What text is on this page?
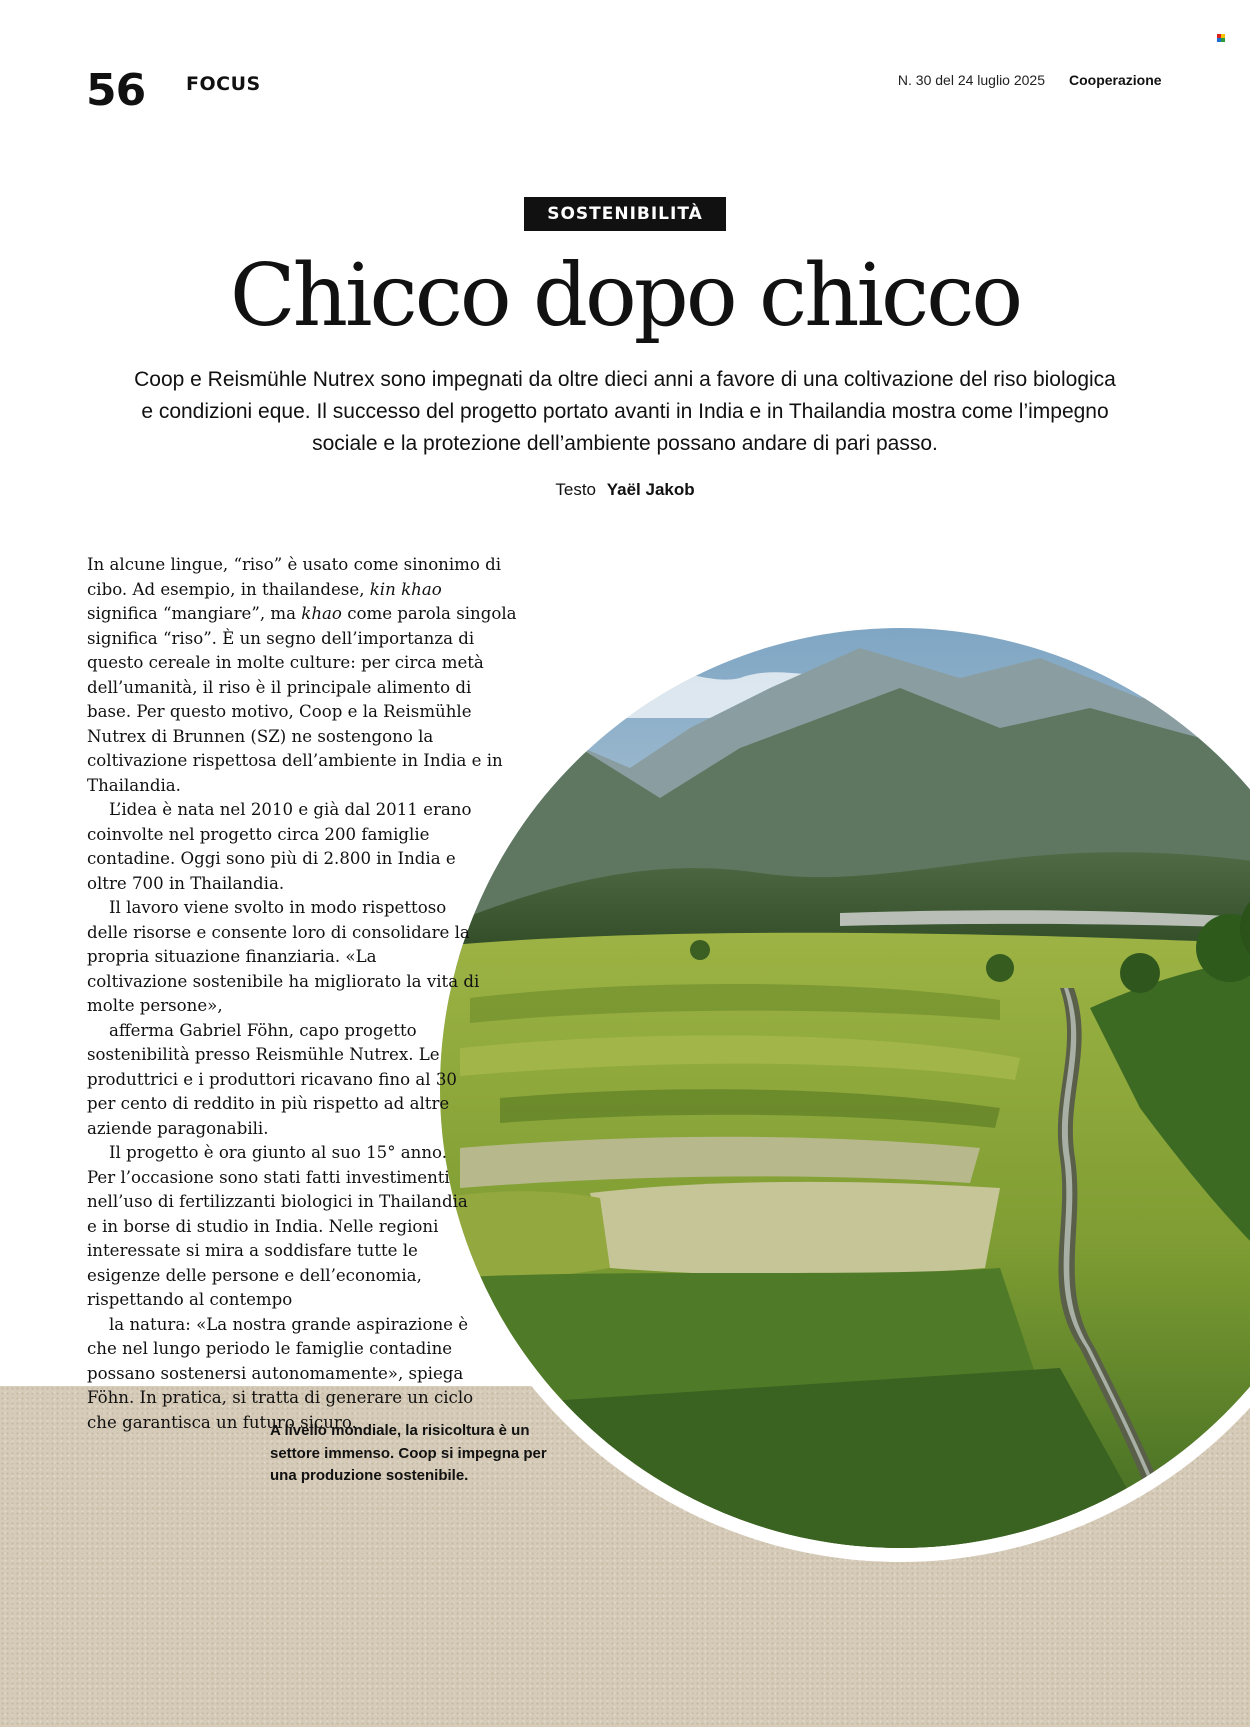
56 FOCUS	N. 30 del 24 luglio 2025 Cooperazione
SOSTENIBILITÀ
Chicco dopo chicco

Coop e Reismühle Nutrex sono impegnati da oltre dieci anni a favore di una coltivazione del riso biologica e condizioni eque. Il successo del progetto portato avanti in India e in Thailandia mostra come l’impegno sociale e la protezione dell’ambiente possano andare di pari passo.

Testo Yaël Jakob

In alcune lingue, “riso” è usato come sinonimo di cibo. Ad esempio, in thailandese, kin khao significa “mangiare”, ma khao come parola singola significa “riso”. È un segno dell’importanza di questo cereale in molte culture: per circa metà dell’umanità, il riso è il principale alimento di base. Per questo motivo, Coop e la Reismühle Nutrex di Brunnen (SZ) ne sostengono la coltivazione rispettosa dell’ambiente in India e in Thailandia.

L’idea è nata nel 2010 e già dal 2011 erano coinvolte nel progetto circa 200 famiglie contadine. Oggi sono più di 2.800 in India e oltre 700 in Thailandia.
Il lavoro viene svolto in modo rispettoso delle risorse e consente loro di consolidare la propria situazione finanziaria. «La coltivazione sostenibile ha migliorato la vita di molte persone»,
afferma Gabriel Föhn, capo progetto sostenibilità presso Reismühle Nutrex. Le produttrici e i produttori ricavano fino al 30 per cento di reddito in più rispetto ad altre aziende paragonabili.

Il progetto è ora giunto al suo 15° anno. Per l’occasione sono stati fatti investimenti nell’uso di fertilizzanti biologici in Thailandia e in borse di studio in India. Nelle regioni interessate si mira a soddisfare tutte le esigenze delle persone e dell’economia, rispettando al contempo
la natura: «La nostra grande aspirazione è che nel lungo periodo le famiglie contadine possano sostenersi autonomamente», spiega Föhn. In pratica, si tratta di generare un ciclo che garantisca un futuro sicuro.

A livello mondiale, la risicoltura è un settore immenso. Coop si impegna per una produzione sostenibile.
